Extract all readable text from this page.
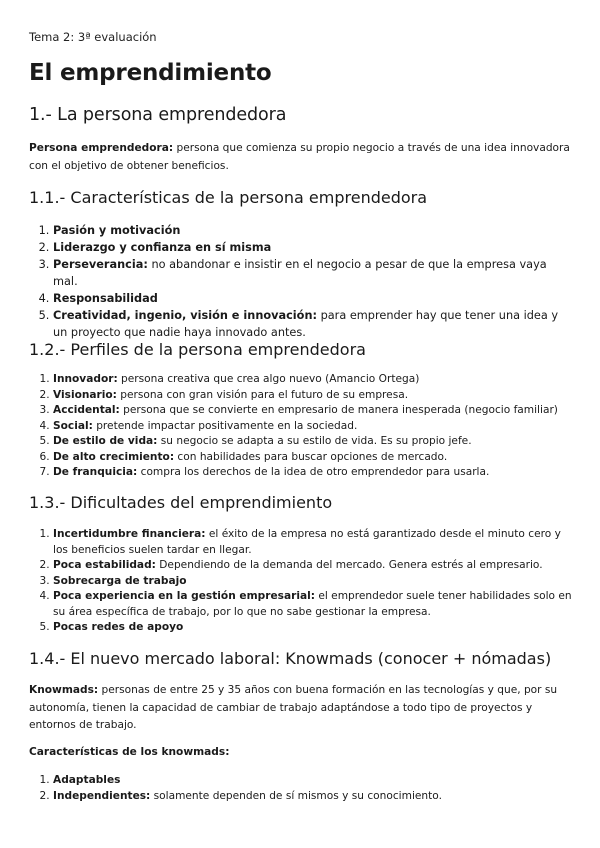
Tema 2: 3ª evaluación
El emprendimiento
1.- La persona emprendedora

Persona emprendedora: persona que comienza su propio negocio a través de una idea innovadora con el objetivo de obtener beneficios.

1.1.- Características de la persona emprendedora
1. Pasión y motivación
2. Liderazgo y confianza en sí misma
3. Perseverancia: no abandonar e insistir en el negocio a pesar de que la empresa vaya mal.
4. Responsabilidad
5. Creatividad, ingenio, visión e innovación: para emprender hay que tener una idea y un proyecto que nadie haya innovado antes.
1.2.- Perfiles de la persona emprendedora
1. Innovador: persona creativa que crea algo nuevo (Amancio Ortega)
2. Visionario: persona con gran visión para el futuro de su empresa.
3. Accidental: persona que se convierte en empresario de manera inesperada (negocio familiar)
4. Social: pretende impactar positivamente en la sociedad.
5. De estilo de vida: su negocio se adapta a su estilo de vida. Es su propio jefe.
6. De alto crecimiento: con habilidades para buscar opciones de mercado.
7. De franquicia: compra los derechos de la idea de otro emprendedor para usarla.
1.3.- Dificultades del emprendimiento
1. Incertidumbre financiera: el éxito de la empresa no está garantizado desde el minuto cero y los beneficios suelen tardar en llegar.
2. Poca estabilidad: Dependiendo de la demanda del mercado. Genera estrés al empresario.
3. Sobrecarga de trabajo
4. Poca experiencia en la gestión empresarial: el emprendedor suele tener habilidades solo en su área específica de trabajo, por lo que no sabe gestionar la empresa.
5. Pocas redes de apoyo
1.4.- El nuevo mercado laboral: Knowmads (conocer + nómadas)

Knowmads: personas de entre 25 y 35 años con buena formación en las tecnologías y que, por su autonomía, tienen la capacidad de cambiar de trabajo adaptándose a todo tipo de proyectos y entornos de trabajo.

Características de los knowmads:

1. Adaptables
2. Independientes: solamente dependen de sí mismos y su conocimiento.
